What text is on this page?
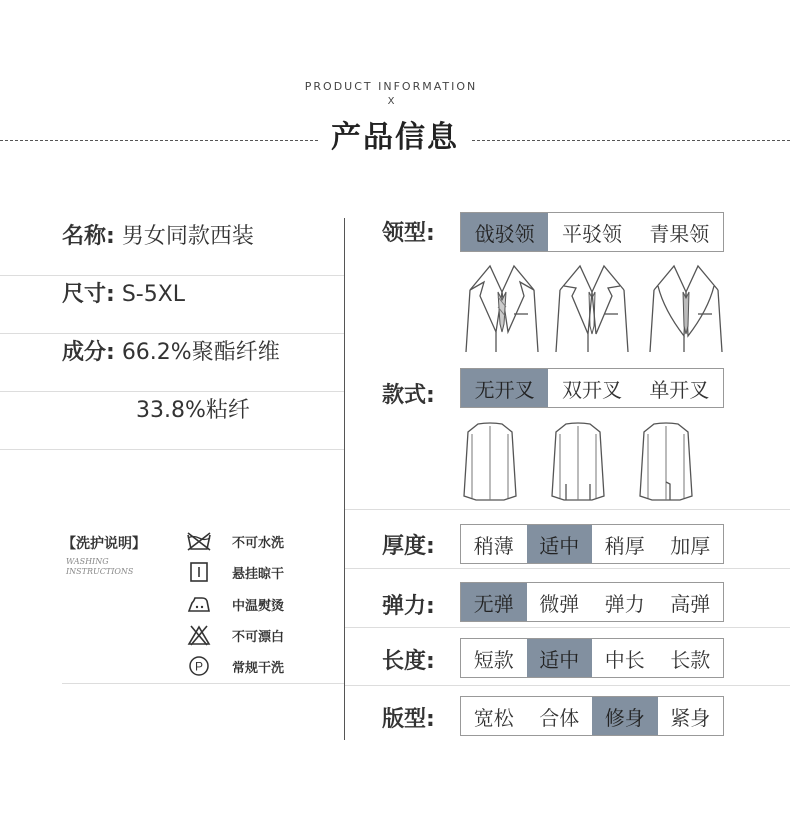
PRODUCT INFORMATION
X
产品信息
名称: 男女同款西装
尺寸: S-5XL
成分: 66.2%聚酯纤维
33.8%粘纤
【洗护说明】
WASHING
INSTRUCTIONS
不可水洗
悬挂晾干
中温熨烫
不可漂白
P 常规干洗
领型:	戗驳领	平驳领	青果领
款式:	无开叉	双开叉	单开叉
厚度:	稍薄	适中	稍厚	加厚
弹力:	无弹	微弹	弹力	高弹
长度:	短款	适中	中长	长款
版型:	宽松	合体	修身	紧身
